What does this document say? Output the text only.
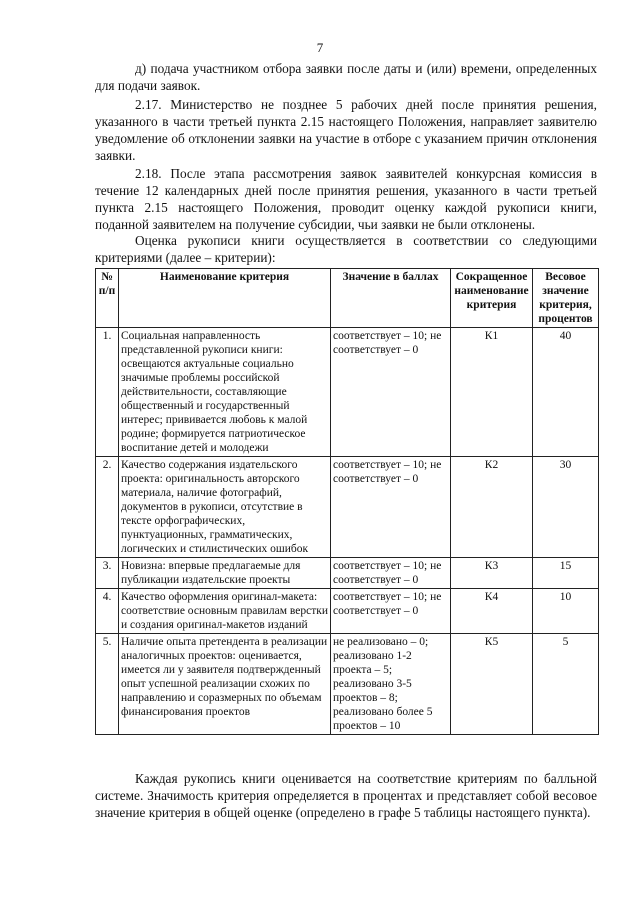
7

д) подача участником отбора заявки после даты и (или) времени, определенных для подачи заявок.

2.17. Министерство не позднее 5 рабочих дней после принятия решения, указанного в части третьей пункта 2.15 настоящего Положения, направляет заявителю уведомление об отклонении заявки на участие в отборе с указанием причин отклонения заявки.

2.18. После этапа рассмотрения заявок заявителей конкурсная комиссия в течение 12 календарных дней после принятия решения, указанного в части третьей пункта 2.15 настоящего Положения, проводит оценку каждой рукописи книги, поданной заявителем на получение субсидии, чьи заявки не были отклонены.

Оценка рукописи книги осуществляется в соответствии со следующими критериями (далее – критерии):

№ п/п	Наименование критерия	Значение в баллах	Сокращенное наименование критерия	Весовое значение критерия, процентов
1.	Социальная направленность представленной рукописи книги: освещаются актуальные социально значимые проблемы российской действительности, составляющие общественный и государственный интерес; прививается любовь к малой родине; формируется патриотическое воспитание детей и молодежи	соответствует – 10; не соответствует – 0	К1	40
2.	Качество содержания издательского проекта: оригинальность авторского материала, наличие фотографий, документов в рукописи, отсутствие в тексте орфографических, пунктуационных, грамматических, логических и стилистических ошибок	соответствует – 10; не соответствует – 0	К2	30
3.	Новизна: впервые предлагаемые для публикации издательские проекты	соответствует – 10; не соответствует – 0	К3	15
4.	Качество оформления оригинал-макета: соответствие основным правилам верстки и создания оригинал-макетов изданий	соответствует – 10; не соответствует – 0	К4	10
5.	Наличие опыта претендента в реализации аналогичных проектов: оценивается, имеется ли у заявителя подтвержденный опыт успешной реализации схожих по направлению и соразмерных по объемам финансирования проектов	не реализовано – 0; реализовано 1-2 проекта – 5; реализовано 3-5 проектов – 8; реализовано более 5 проектов – 10	К5	5

Каждая рукопись книги оценивается на соответствие критериям по балльной системе. Значимость критерия определяется в процентах и представляет собой весовое значение критерия в общей оценке (определено в графе 5 таблицы настоящего пункта).
